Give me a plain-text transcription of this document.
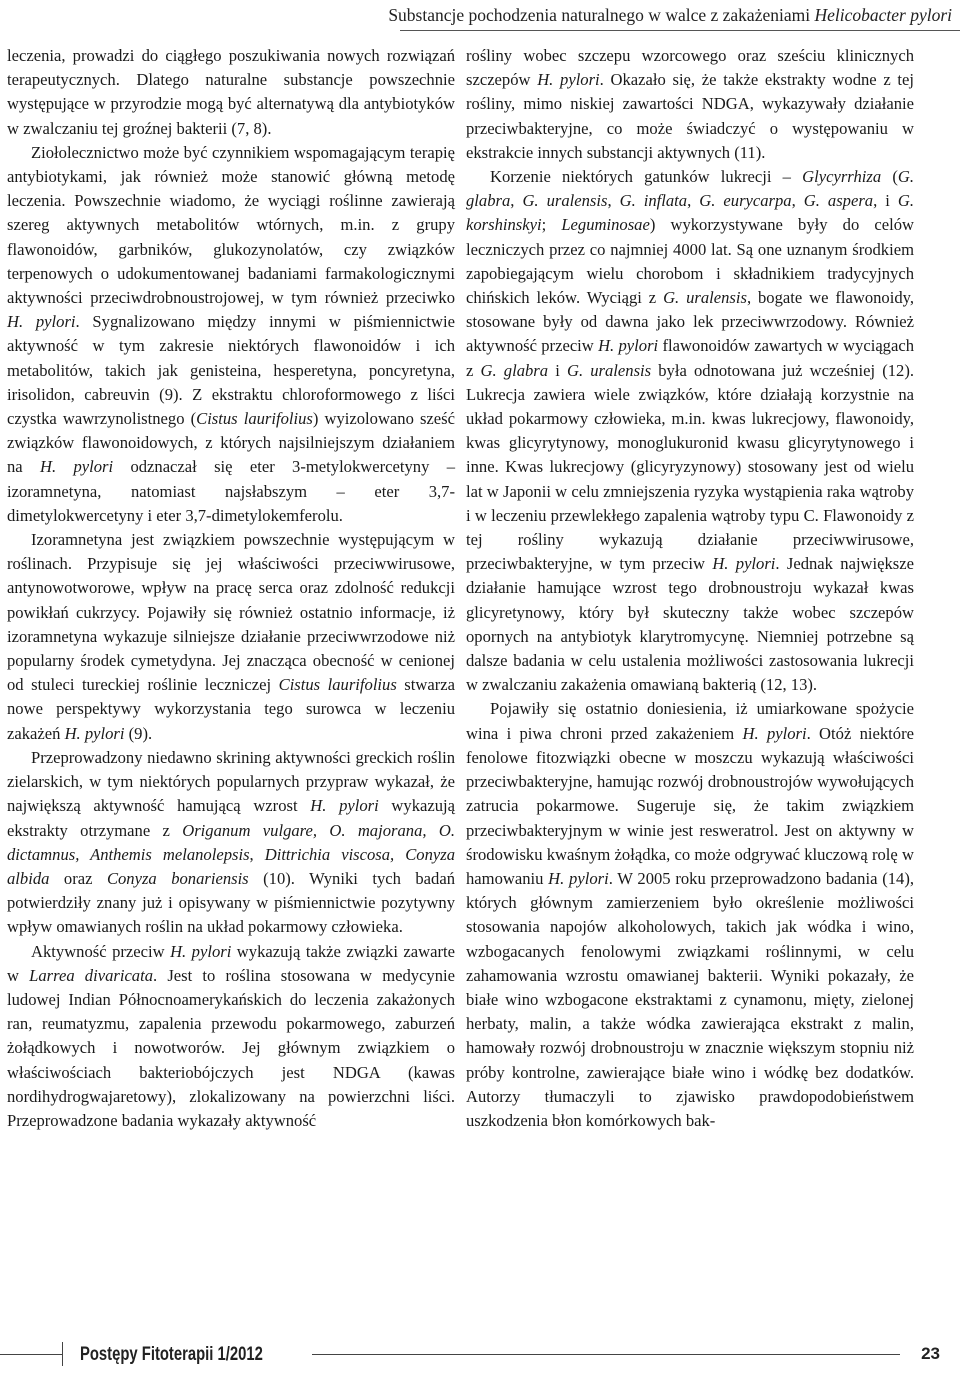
Substancje pochodzenia naturalnego w walce z zakażeniami Helicobacter pylori

leczenia, prowadzi do ciągłego poszukiwania nowych rozwiązań terapeutycznych. Dlatego naturalne substancje powszechnie występujące w przyrodzie mogą być alternatywą dla antybiotyków w zwalczaniu tej groźnej bakterii (7, 8).

Ziołolecznictwo może być czynnikiem wspomagającym terapię antybiotykami, jak również może stanowić główną metodę leczenia. Powszechnie wiadomo, że wyciągi roślinne zawierają szereg aktywnych metabolitów wtórnych, m.in. z grupy flawonoidów, garbników, glukozynolatów, czy związków terpenowych o udokumentowanej badaniami farmakologicznymi aktywności przeciwdrobnoustrojowej, w tym również przeciwko H. pylori. Sygnalizowano między innymi w piśmiennictwie aktywność w tym zakresie niektórych flawonoidów i ich metabolitów, takich jak genisteina, hesperetyna, poncyretyna, irisolidon, cabreuvin (9). Z ekstraktu chloroformowego z liści czystka wawrzynolistnego (Cistus laurifolius) wyizolowano sześć związków flawonoidowych, z których najsilniejszym działaniem na H. pylori odznaczał się eter 3-metylokwercetyny – izoramnetyna, natomiast najsłabszym – eter 3,7-dimetylokwercetyny i eter 3,7-dimetylokemferolu.

Izoramnetyna jest związkiem powszechnie występującym w roślinach. Przypisuje się jej właściwości przeciwwirusowe, antynowotworowe, wpływ na pracę serca oraz zdolność redukcji powikłań cukrzycy. Pojawiły się również ostatnio informacje, iż izoramnetyna wykazuje silniejsze działanie przeciwwrzodowe niż popularny środek cymetydyna. Jej znacząca obecność w cenionej od stuleci tureckiej roślinie leczniczej Cistus laurifolius stwarza nowe perspektywy wykorzystania tego surowca w leczeniu zakażeń H. pylori (9).

Przeprowadzony niedawno skrining aktywności greckich roślin zielarskich, w tym niektórych popularnych przypraw wykazał, że największą aktywność hamującą wzrost H. pylori wykazują ekstrakty otrzymane z Origanum vulgare, O. majorana, O. dictamnus, Anthemis melanolepsis, Dittrichia viscosa, Conyza albida oraz Conyza bonariensis (10). Wyniki tych badań potwierdziły znany już i opisywany w piśmiennictwie pozytywny wpływ omawianych roślin na układ pokarmowy człowieka.

Aktywność przeciw H. pylori wykazują także związki zawarte w Larrea divaricata. Jest to roślina stosowana w medycynie ludowej Indian Północnoamerykańskich do leczenia zakażonych ran, reumatyzmu, zapalenia przewodu pokarmowego, zaburzeń żołądkowych i nowotworów. Jej głównym związkiem o właściwościach bakteriobójczych jest NDGA (kawas nordihydrogwajaretowy), zlokalizowany na powierzchni liści. Przeprowadzone badania wykazały aktywność

rośliny wobec szczepu wzorcowego oraz sześciu klinicznych szczepów H. pylori. Okazało się, że także ekstrakty wodne z tej rośliny, mimo niskiej zawartości NDGA, wykazywały działanie przeciwbakteryjne, co może świadczyć o występowaniu w ekstrakcie innych substancji aktywnych (11).

Korzenie niektórych gatunków lukrecji – Glycyrrhiza (G. glabra, G. uralensis, G. inflata, G. eurycarpa, G. aspera, i G. korshinskyi; Leguminosae) wykorzystywane były do celów leczniczych przez co najmniej 4000 lat. Są one uznanym środkiem zapobiegającym wielu chorobom i składnikiem tradycyjnych chińskich leków. Wyciągi z G. uralensis, bogate we flawonoidy, stosowane były od dawna jako lek przeciwwrzodowy. Również aktywność przeciw H. pylori flawonoidów zawartych w wyciągach z G. glabra i G. uralensis była odnotowana już wcześniej (12). Lukrecja zawiera wiele związków, które działają korzystnie na układ pokarmowy człowieka, m.in. kwas lukrecjowy, flawonoidy, kwas glicyrytynowy, monoglukuronid kwasu glicyrytynowego i inne. Kwas lukrecjowy (glicyryzynowy) stosowany jest od wielu lat w Japonii w celu zmniejszenia ryzyka wystąpienia raka wątroby i w leczeniu przewlekłego zapalenia wątroby typu C. Flawonoidy z tej rośliny wykazują działanie przeciwwirusowe, przeciwbakteryjne, w tym przeciw H. pylori. Jednak największe działanie hamujące wzrost tego drobnoustroju wykazał kwas glicyretynowy, który był skuteczny także wobec szczepów opornych na antybiotyk klarytromycynę. Niemniej potrzebne są dalsze badania w celu ustalenia możliwości zastosowania lukrecji w zwalczaniu zakażenia omawianą bakterią (12, 13).

Pojawiły się ostatnio doniesienia, iż umiarkowane spożycie wina i piwa chroni przed zakażeniem H. pylori. Otóż niektóre fenolowe fitozwiązki obecne w moszczu wykazują właściwości przeciwbakteryjne, hamując rozwój drobnoustrojów wywołujących zatrucia pokarmowe. Sugeruje się, że takim związkiem przeciwbakteryjnym w winie jest resweratrol. Jest on aktywny w środowisku kwaśnym żołądka, co może odgrywać kluczową rolę w hamowaniu H. pylori. W 2005 roku przeprowadzono badania (14), których głównym zamierzeniem było określenie możliwości stosowania napojów alkoholowych, takich jak wódka i wino, wzbogacanych fenolowymi związkami roślinnymi, w celu zahamowania wzrostu omawianej bakterii. Wyniki pokazały, że białe wino wzbogacone ekstraktami z cynamonu, mięty, zielonej herbaty, malin, a także wódka zawierająca ekstrakt z malin, hamowały rozwój drobnoustroju w znacznie większym stopniu niż próby kontrolne, zawierające białe wino i wódkę bez dodatków. Autorzy tłumaczyli to zjawisko prawdopodobieństwem uszkodzenia błon komórkowych bak-

Postępy Fitoterapii 1/2012	23
